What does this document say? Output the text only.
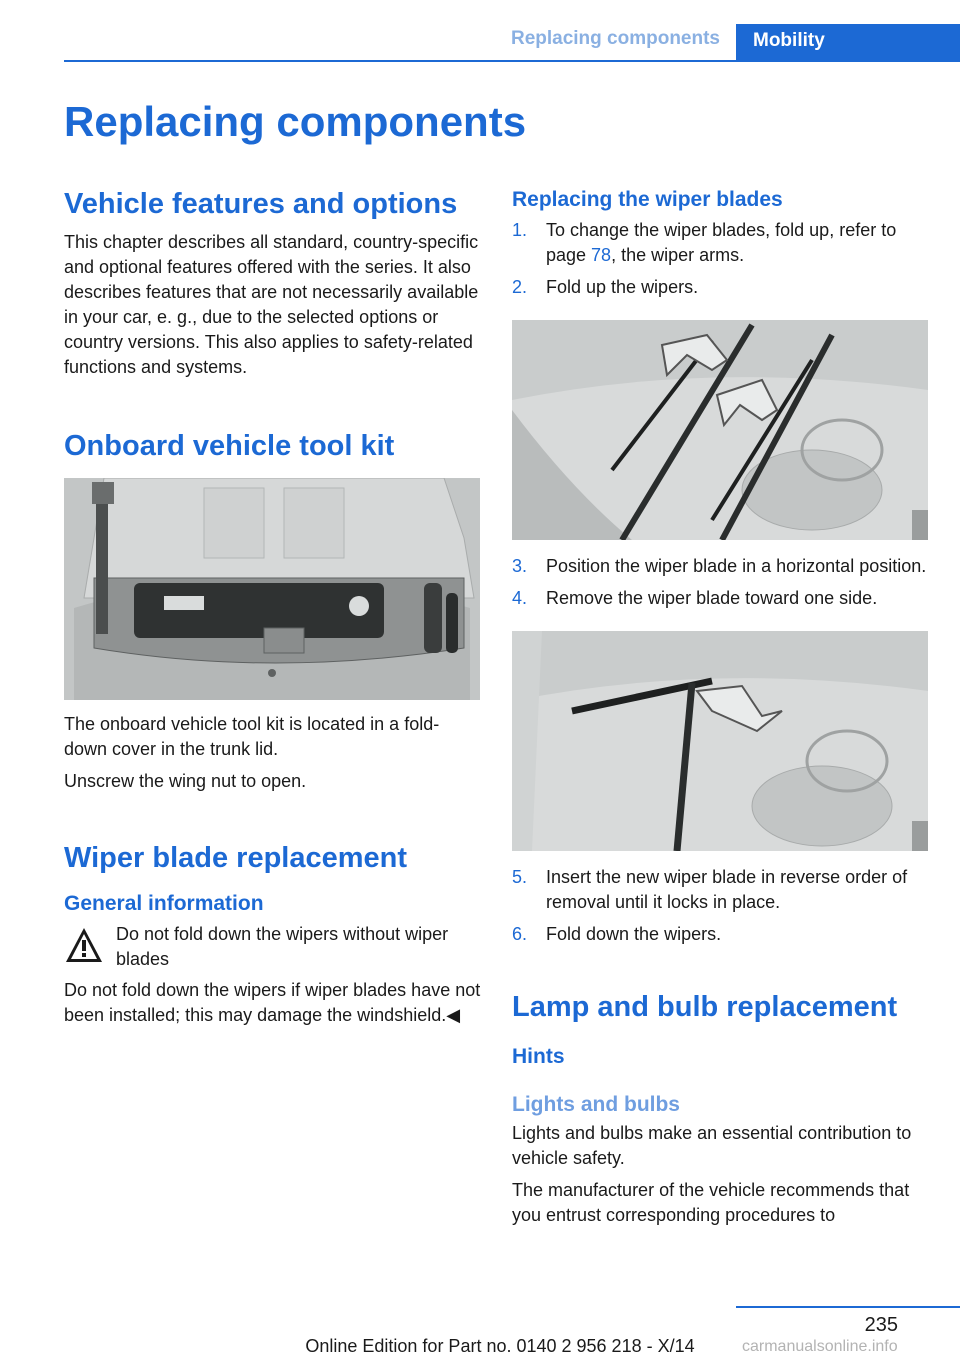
Replacing components	Mobility
Replacing components
Vehicle features and options
This chapter describes all standard, country-specific and optional features offered with the series. It also describes features that are not necessarily available in your car, e. g., due to the selected options or country versions. This also applies to safety-related functions and systems.
Onboard vehicle tool kit
The onboard vehicle tool kit is located in a fold-down cover in the trunk lid.
Unscrew the wing nut to open.
Wiper blade replacement
General information
Do not fold down the wipers without wiper blades
Do not fold down the wipers if wiper blades have not been installed; this may damage the windshield.◀
Replacing the wiper blades
1.	To change the wiper blades, fold up, refer to page 78, the wiper arms.
2.	Fold up the wipers.
3.	Position the wiper blade in a horizontal position.
4.	Remove the wiper blade toward one side.
5.	Insert the new wiper blade in reverse order of removal until it locks in place.
6.	Fold down the wipers.
Lamp and bulb replacement
Hints
Lights and bulbs
Lights and bulbs make an essential contribution to vehicle safety.
The manufacturer of the vehicle recommends that you entrust corresponding procedures to
235
carmanualsonline.info
Online Edition for Part no. 0140 2 956 218 - X/14
